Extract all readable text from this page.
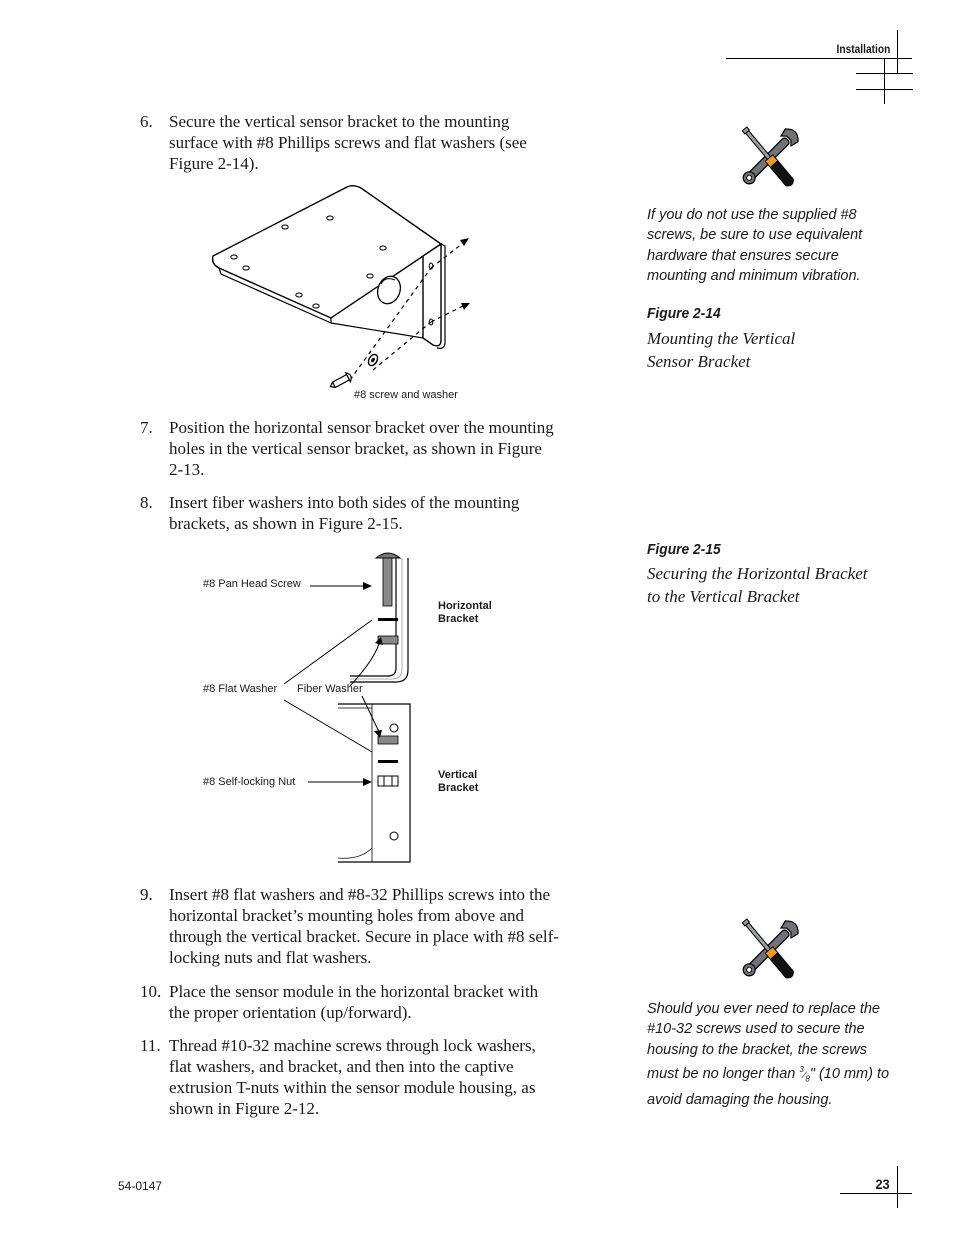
Installation
6. Secure the vertical sensor bracket to the mounting surface with #8 Phillips screws and flat washers (see Figure 2-14).
#8 screw and washer
7. Position the horizontal sensor bracket over the mounting holes in the vertical sensor bracket, as shown in Figure 2-13.
8. Insert fiber washers into both sides of the mounting brackets, as shown in Figure 2-15.
#8 Pan Head Screw
Horizontal
Bracket
#8 Flat Washer Fiber Washer
Vertical
Bracket
#8 Self-locking Nut
9. Insert #8 flat washers and #8-32 Phillips screws into the horizontal bracket’s mounting holes from above and through the vertical bracket. Secure in place with #8 self-locking nuts and flat washers.
10. Place the sensor module in the horizontal bracket with the proper orientation (up/forward).
11. Thread #10-32 machine screws through lock washers, flat washers, and bracket, and then into the captive extrusion T-nuts within the sensor module housing, as shown in Figure 2-12.
If you do not use the supplied #8 screws, be sure to use equivalent hardware that ensures secure mounting and minimum vibration.
Figure 2-14
Mounting the Vertical
Sensor Bracket
Figure 2-15
Securing the Horizontal Bracket
to the Vertical Bracket
Should you ever need to replace the #10-32 screws used to secure the housing to the bracket, the screws must be no longer than $^3⁄_8$" (10 mm) to avoid damaging the housing.
54-0147	23
